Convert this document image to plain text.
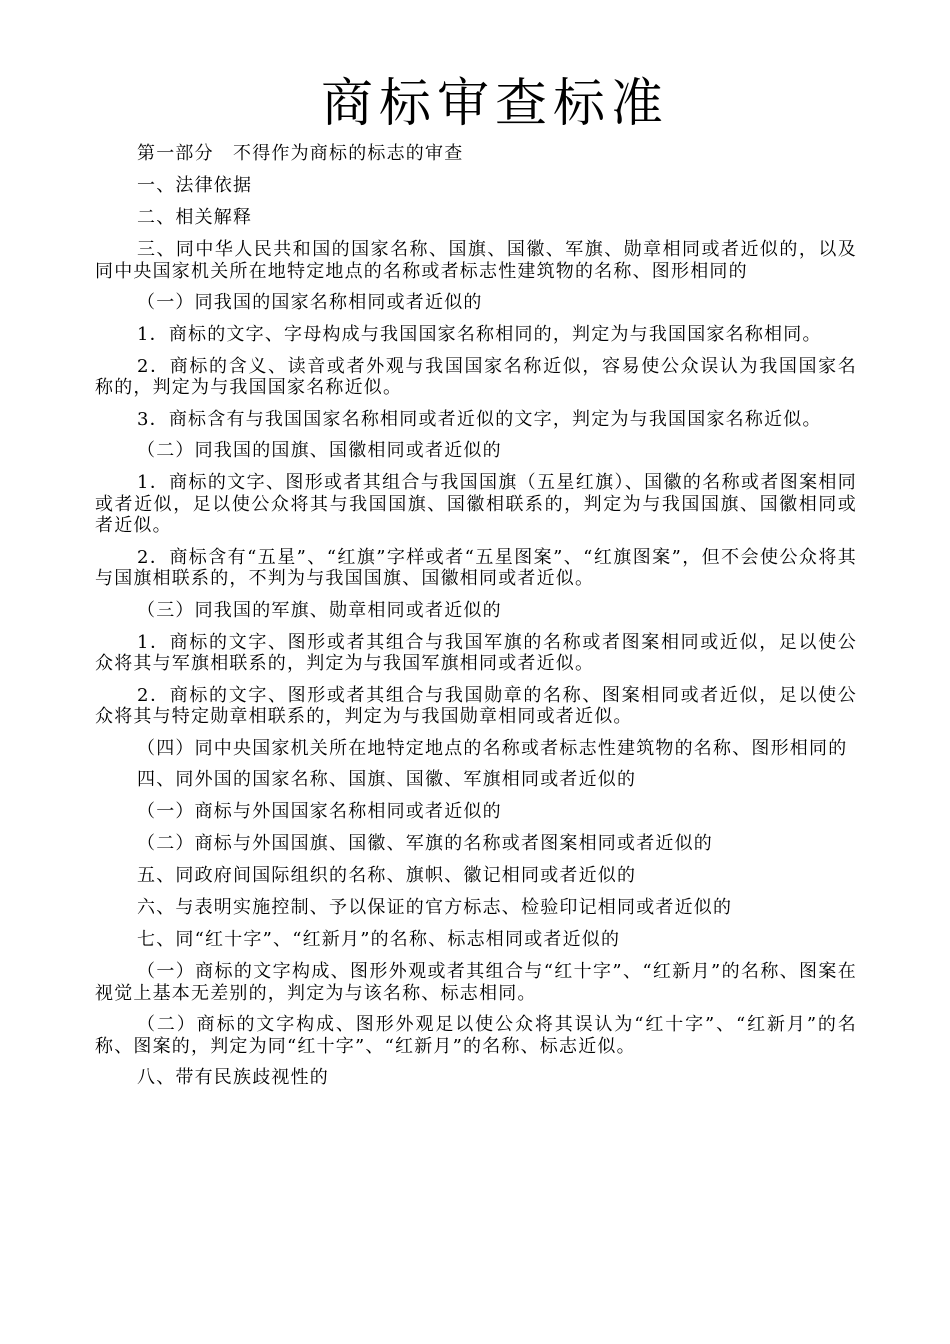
商标审查标准

第一部分　不得作为商标的标志的审查

一、法律依据

二、相关解释

三、同中华人民共和国的国家名称、国旗、国徽、军旗、勋章相同或者近似的，以及同中央国家机关所在地特定地点的名称或者标志性建筑物的名称、图形相同的

（一）同我国的国家名称相同或者近似的

1．商标的文字、字母构成与我国国家名称相同的，判定为与我国国家名称相同。

2．商标的含义、读音或者外观与我国国家名称近似，容易使公众误认为我国国家名称的，判定为与我国国家名称近似。

3．商标含有与我国国家名称相同或者近似的文字，判定为与我国国家名称近似。

（二）同我国的国旗、国徽相同或者近似的

1．商标的文字、图形或者其组合与我国国旗（五星红旗）、国徽的名称或者图案相同或者近似，足以使公众将其与我国国旗、国徽相联系的，判定为与我国国旗、国徽相同或者近似。

2．商标含有“五星”、“红旗”字样或者“五星图案”、“红旗图案”，但不会使公众将其与国旗相联系的，不判为与我国国旗、国徽相同或者近似。

（三）同我国的军旗、勋章相同或者近似的

1．商标的文字、图形或者其组合与我国军旗的名称或者图案相同或近似，足以使公众将其与军旗相联系的，判定为与我国军旗相同或者近似。

2．商标的文字、图形或者其组合与我国勋章的名称、图案相同或者近似，足以使公众将其与特定勋章相联系的，判定为与我国勋章相同或者近似。

（四）同中央国家机关所在地特定地点的名称或者标志性建筑物的名称、图形相同的

四、同外国的国家名称、国旗、国徽、军旗相同或者近似的

（一）商标与外国国家名称相同或者近似的

（二）商标与外国国旗、国徽、军旗的名称或者图案相同或者近似的

五、同政府间国际组织的名称、旗帜、徽记相同或者近似的

六、与表明实施控制、予以保证的官方标志、检验印记相同或者近似的

七、同“红十字”、“红新月”的名称、标志相同或者近似的

（一）商标的文字构成、图形外观或者其组合与“红十字”、“红新月”的名称、图案在视觉上基本无差别的，判定为与该名称、标志相同。

（二）商标的文字构成、图形外观足以使公众将其误认为“红十字”、“红新月”的名称、图案的，判定为同“红十字”、“红新月”的名称、标志近似。

八、带有民族歧视性的
